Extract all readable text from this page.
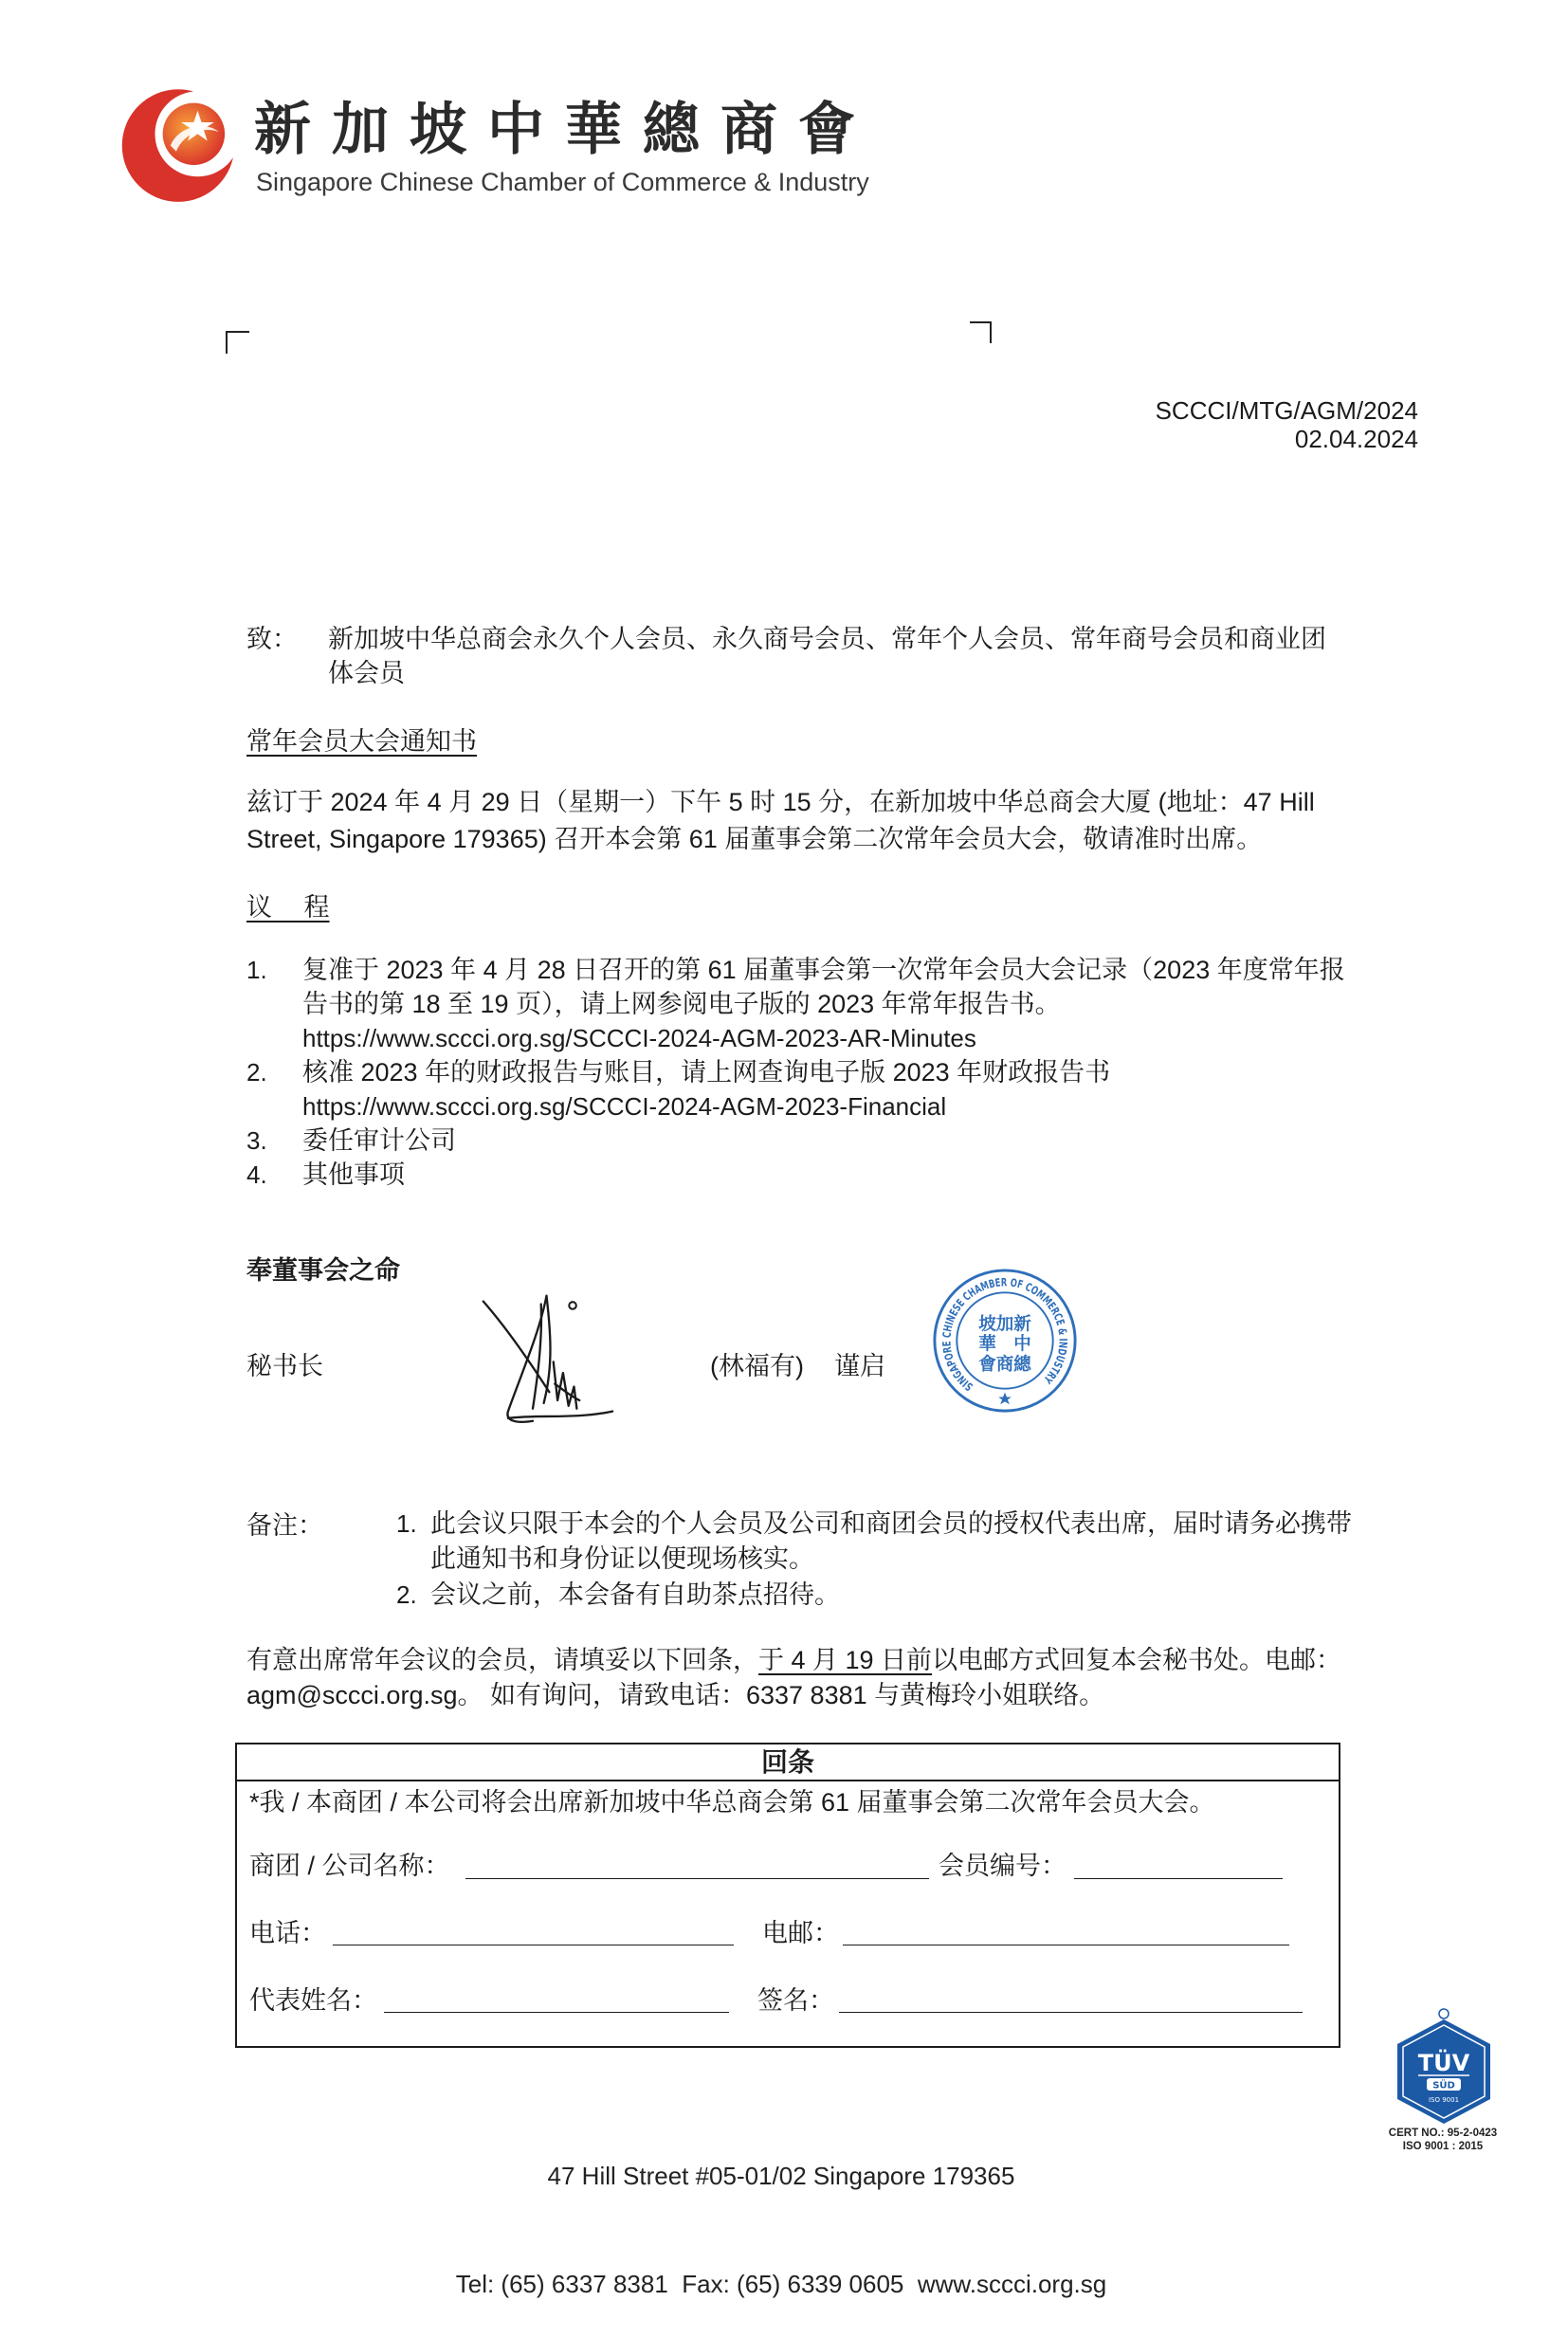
新加坡中華總商會
Singapore Chinese Chamber of Commerce & Industry
SCCCI/MTG/AGM/2024
02.04.2024
致： 新加坡中华总商会永久个人会员、永久商号会员、常年个人会员、常年商号会员和商业团
体会员
常年会员大会通知书
兹订于 2024 年 4 月 29 日（星期一）下午 5 时 15 分，在新加坡中华总商会大厦 (地址：47 Hill
Street, Singapore 179365) 召开本会第 61 届董事会第二次常年会员大会，敬请准时出席。
议 程
1.	复准于 2023 年 4 月 28 日召开的第 61 届董事会第一次常年会员大会记录（2023 年度常年报
告书的第 18 至 19 页），请上网参阅电子版的 2023 年常年报告书。
https://www.sccci.org.sg/SCCCI-2024-AGM-2023-AR-Minutes
2.	核准 2023 年的财政报告与账目，请上网查询电子版 2023 年财政报告书
https://www.sccci.org.sg/SCCCI-2024-AGM-2023-Financial
3.	委任审计公司
4.	其他事项
奉董事会之命
秘书长	(林福有) 谨启
SINGAPORE CHINESE CHAMBER OF COMMERCE & INDUSTRY
坡加新
華　中
會商總
备注：	1. 此会议只限于本会的个人会员及公司和商团会员的授权代表出席，届时请务必携带
此通知书和身份证以便现场核实。
2. 会议之前，本会备有自助茶点招待。
有意出席常年会议的会员，请填妥以下回条，于 4 月 19 日前以电邮方式回复本会秘书处。电邮：
agm@sccci.org.sg。 如有询问，请致电话：6337 8381 与黄梅玲小姐联络。
回条
*我 / 本商团 / 本公司将会出席新加坡中华总商会第 61 届董事会第二次常年会员大会。
商团 / 公司名称：	会员编号：
电话：	电邮：
代表姓名：	签名：

47 Hill Street #05-01/02 Singapore 179365

Tel: (65) 6337 8381  Fax: (65) 6339 0605  www.sccci.org.sg

TÜV
SÜD
ISO 9001
CERT NO.: 95-2-0423
ISO 9001 : 2015
